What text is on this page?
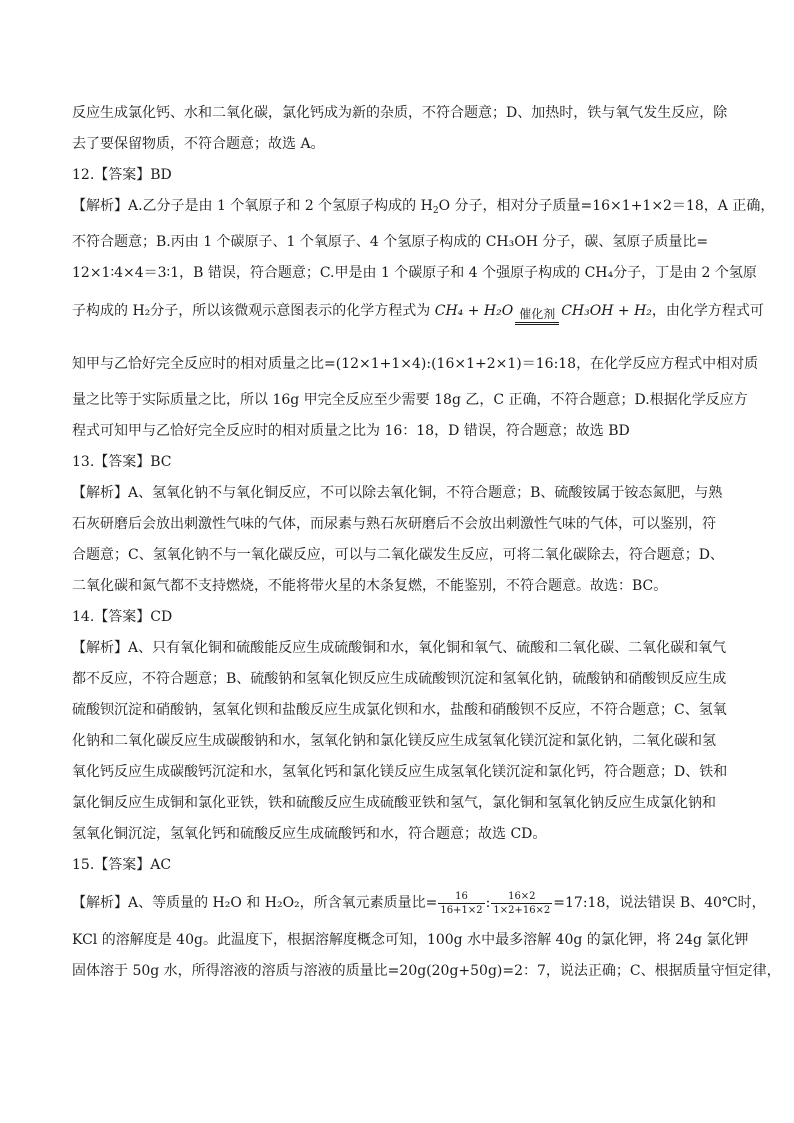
反应生成氯化钙、水和二氧化碳，氯化钙成为新的杂质，不符合题意；D、加热时，铁与氧气发生反应，除
去了要保留物质，不符合题意；故选 A。
12.【答案】BD
【解析】A.乙分子是由 1 个氧原子和 2 个氢原子构成的 $H_2O$ 分子，相对分子质量=16×1+1×2＝18，A 正确，
不符合题意；B.丙由 1 个碳原子、1 个氧原子、4 个氢原子构成的 CH₃OH 分子，碳、氢原子质量比=
12×1∶4×4＝3∶1，B 错误，符合题意；C.甲是由 1 个碳原子和 4 个强原子构成的 CH₄分子，丁是由 2 个氢原
子构成的 H₂分子，所以该微观示意图表示的化学方程式为 CH₄ + H₂O 催化剂 CH₃OH + H₂，由化学方程式可
知甲与乙恰好完全反应时的相对质量之比=(12×1+1×4):(16×1+2×1)＝16:18，在化学反应方程式中相对质
量之比等于实际质量之比，所以 16g 甲完全反应至少需要 18g 乙，C 正确，不符合题意；D.根据化学反应方
程式可知甲与乙恰好完全反应时的相对质量之比为 16：18，D 错误，符合题意；故选 BD
13.【答案】BC
【解析】A、氢氧化钠不与氧化铜反应，不可以除去氧化铜，不符合题意；B、硫酸铵属于铵态氮肥，与熟
石灰研磨后会放出刺激性气味的气体，而尿素与熟石灰研磨后不会放出刺激性气味的气体，可以鉴别，符
合题意；C、氢氧化钠不与一氧化碳反应，可以与二氧化碳发生反应，可将二氧化碳除去，符合题意；D、
二氧化碳和氮气都不支持燃烧，不能将带火星的木条复燃，不能鉴别，不符合题意。故选：BC。
14.【答案】CD
【解析】A、只有氧化铜和硫酸能反应生成硫酸铜和水，氧化铜和氧气、硫酸和二氧化碳、二氧化碳和氧气
都不反应，不符合题意；B、硫酸钠和氢氧化钡反应生成硫酸钡沉淀和氢氧化钠，硫酸钠和硝酸钡反应生成
硫酸钡沉淀和硝酸钠，氢氧化钡和盐酸反应生成氯化钡和水，盐酸和硝酸钡不反应，不符合题意；C、氢氧
化钠和二氧化碳反应生成碳酸钠和水，氢氧化钠和氯化镁反应生成氢氧化镁沉淀和氯化钠，二氧化碳和氢
氧化钙反应生成碳酸钙沉淀和水，氢氧化钙和氯化镁反应生成氢氧化镁沉淀和氯化钙，符合题意；D、铁和
氯化铜反应生成铜和氯化亚铁，铁和硫酸反应生成硫酸亚铁和氢气，氯化铜和氢氧化钠反应生成氯化钠和
氢氧化铜沉淀，氢氧化钙和硫酸反应生成硫酸钙和水，符合题意；故选 CD。
15.【答案】AC
【解析】A、等质量的 H₂O 和 H₂O₂，所含氧元素质量比= $\frac{16}{16+1\times 2}$ : $\frac{16\times 2}{1\times 2+16\times 2}$ =17:18，说法错误 B、40℃时，
KCl 的溶解度是 40g。此温度下，根据溶解度概念可知，100g 水中最多溶解 40g 的氯化钾，将 24g 氯化钾
固体溶于 50g 水，所得溶液的溶质与溶液的质量比=20g(20g+50g)=2：7，说法正确；C、根据质量守恒定律，
